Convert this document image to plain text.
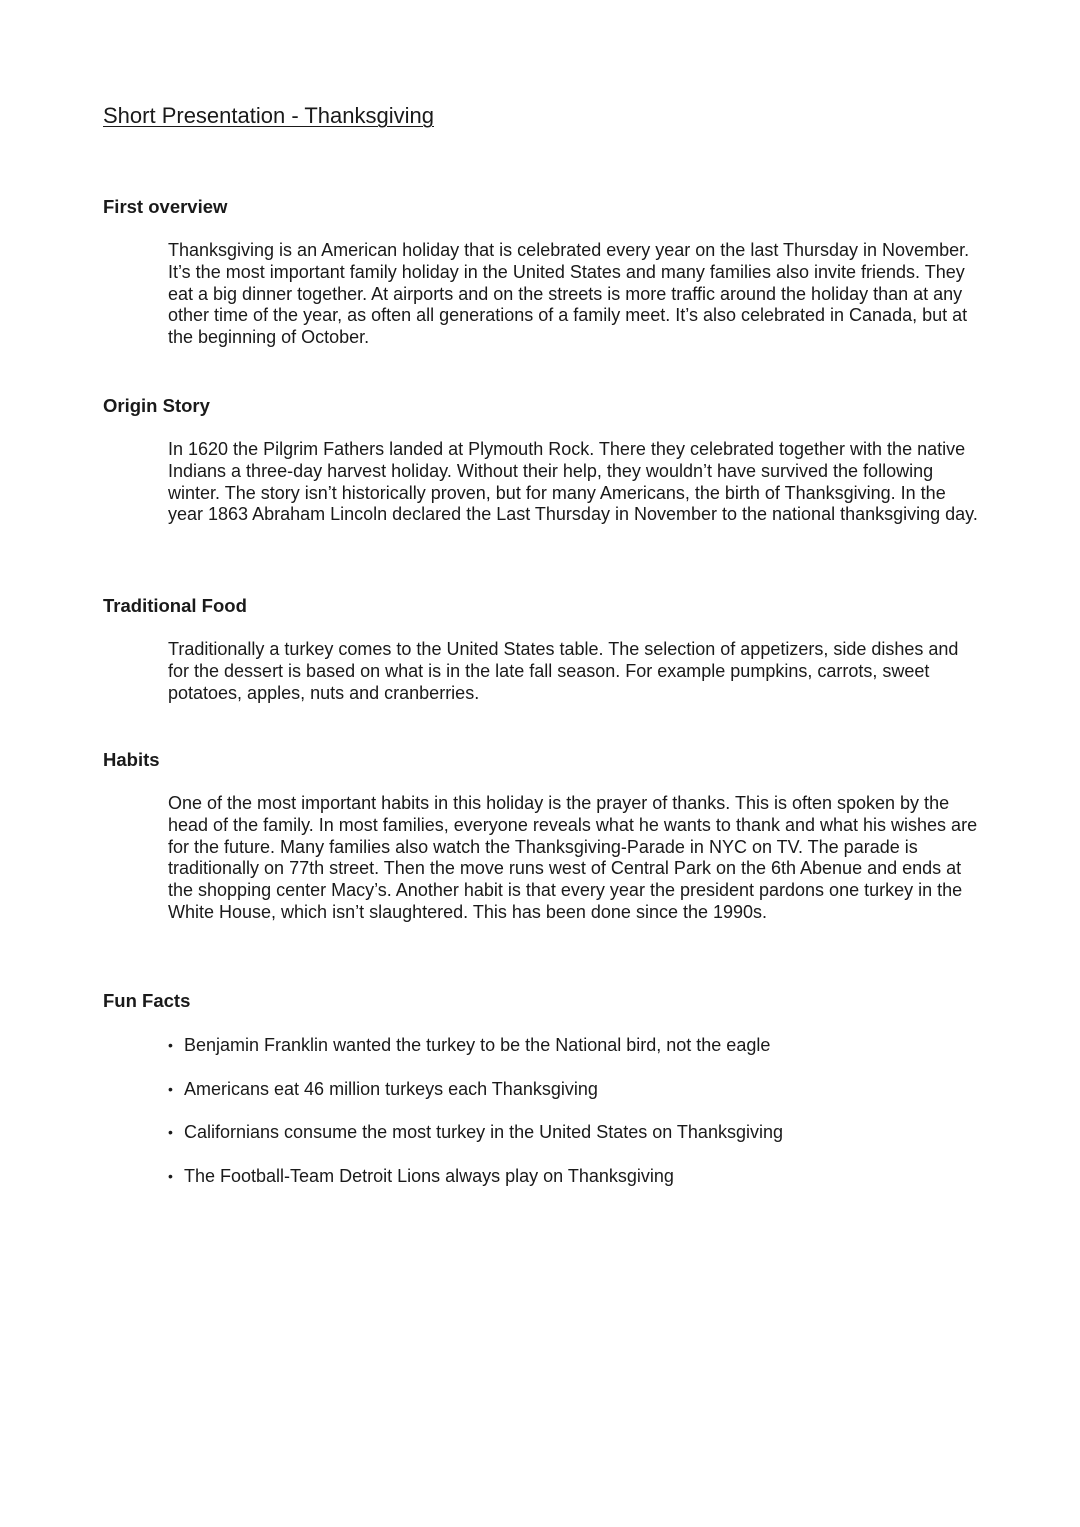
Short Presentation - Thanksgiving
First overview

Thanksgiving is an American holiday that is celebrated every year on the last Thursday in November. It’s the most important family holiday in the United States and many families also invite friends. They eat a big dinner together. At airports and on the streets is more traffic around the holiday than at any other time of the year, as often all generations of a family meet. It’s also celebrated in Canada, but at the beginning of October.

Origin Story

In 1620 the Pilgrim Fathers landed at Plymouth Rock. There they celebrated together with the native Indians a three-day harvest holiday. Without their help, they wouldn’t have survived the following winter. The story isn’t historically proven, but for many Americans, the birth of Thanksgiving. In the year 1863 Abraham Lincoln declared the Last Thursday in November to the national thanksgiving day.

Traditional Food

Traditionally a turkey comes to the United States table. The selection of appetizers, side dishes and for the dessert is based on what is in the late fall season. For example pumpkins, carrots, sweet potatoes, apples, nuts and cranberries.

Habits

One of the most important habits in this holiday is the prayer of thanks. This is often spoken by the head of the family. In most families, everyone reveals what he wants to thank and what his wishes are for the future. Many families also watch the Thanksgiving-Parade in NYC on TV. The parade is traditionally on 77th street. Then the move runs west of Central Park on the 6th Abenue and ends at the shopping center Macy’s. Another habit is that every year the president pardons one turkey in the White House, which isn’t slaughtered. This has been done since the 1990s.

Fun Facts
• Benjamin Franklin wanted the turkey to be the National bird, not the eagle
• Americans eat 46 million turkeys each Thanksgiving
• Californians consume the most turkey in the United States on Thanksgiving
• The Football-Team Detroit Lions always play on Thanksgiving
